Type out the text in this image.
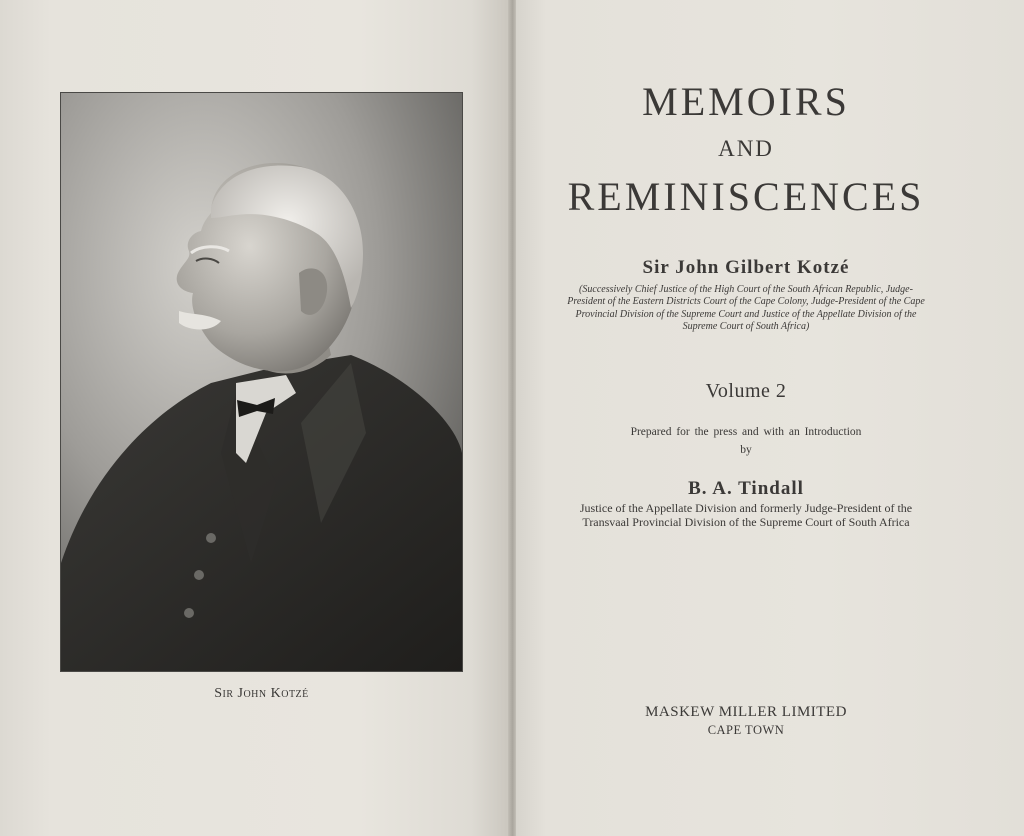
Sir John Kotzé
MEMOIRS
AND
REMINISCENCES
Sir John Gilbert Kotzé
(Successively Chief Justice of the High Court of the South African Republic, Judge-President of the Eastern Districts Court of the Cape Colony, Judge-President of the Cape Provincial Division of the Supreme Court and Justice of the Appellate Division of the Supreme Court of South Africa)
Volume 2
Prepared for the press and with an Introduction
by
B. A. Tindall
Justice of the Appellate Division and formerly Judge-President of the Transvaal Provincial Division of the Supreme Court of South Africa
MASKEW MILLER LIMITED
CAPE TOWN
